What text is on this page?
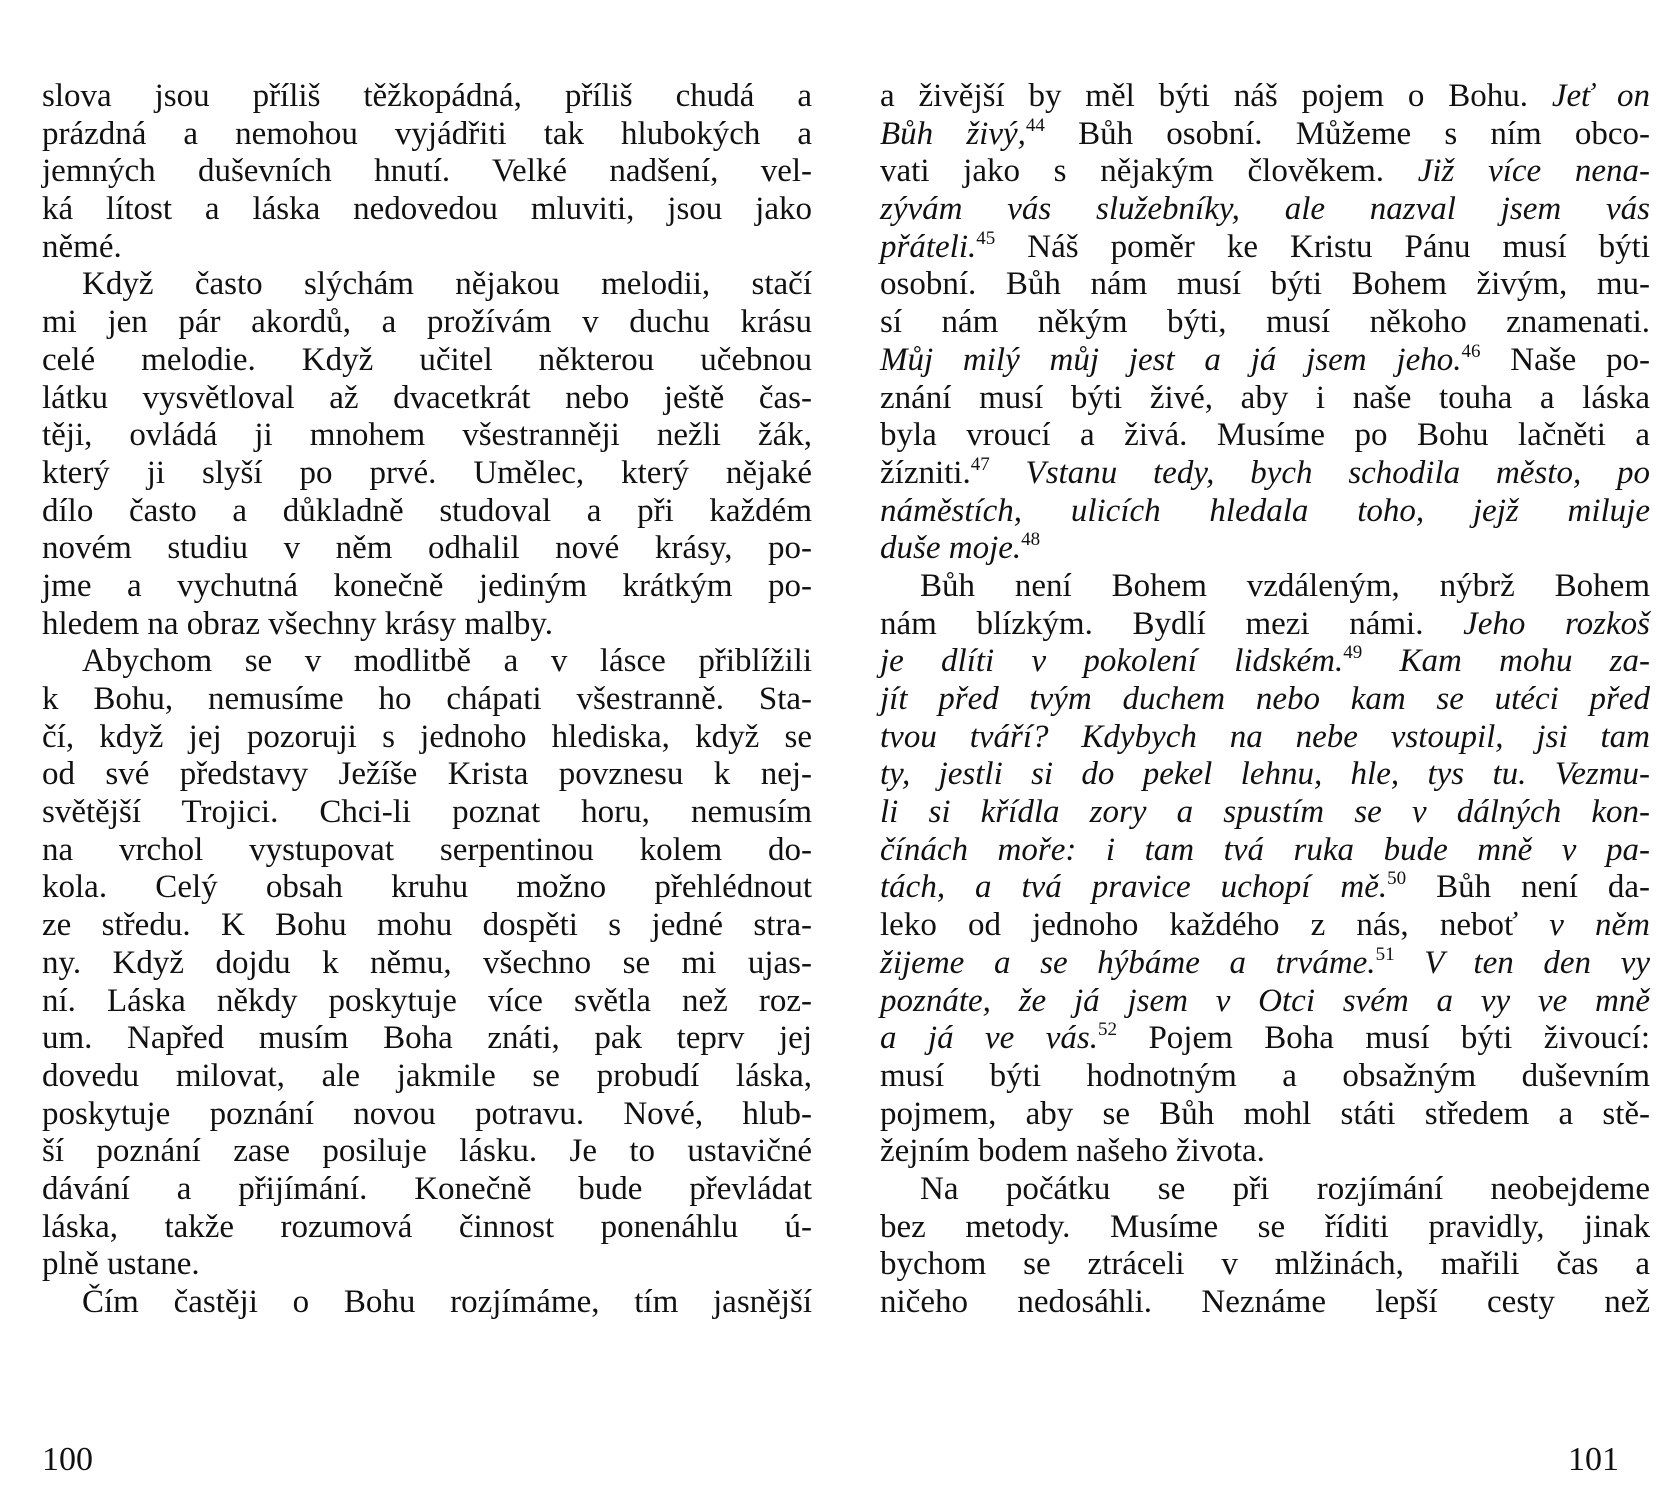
slova jsou příliš těžkopádná, příliš chudá a
prázdná a nemohou vyjádřiti tak hlubokých a
jemných duševních hnutí. Velké nadšení, vel-
ká lítost a láska nedovedou mluviti, jsou jako
němé.
Když často slýchám nějakou melodii, stačí
mi jen pár akordů, a prožívám v duchu krásu
celé melodie. Když učitel některou učebnou
látku vysvětloval až dvacetkrát nebo ještě čas-
těji, ovládá ji mnohem všestranněji nežli žák,
který ji slyší po prvé. Umělec, který nějaké
dílo často a důkladně studoval a při každém
novém studiu v něm odhalil nové krásy, po-
jme a vychutná konečně jediným krátkým po-
hledem na obraz všechny krásy malby.
Abychom se v modlitbě a v lásce přiblížili
k Bohu, nemusíme ho chápati všestranně. Sta-
čí, když jej pozoruji s jednoho hlediska, když se
od své představy Ježíše Krista povznesu k nej-
světější Trojici. Chci-li poznat horu, nemusím
na vrchol vystupovat serpentinou kolem do-
kola. Celý obsah kruhu možno přehlédnout
ze středu. K Bohu mohu dospěti s jedné stra-
ny. Když dojdu k němu, všechno se mi ujas-
ní. Láska někdy poskytuje více světla než roz-
um. Napřed musím Boha znáti, pak teprv jej
dovedu milovat, ale jakmile se probudí láska,
poskytuje poznání novou potravu. Nové, hlub-
ší poznání zase posiluje lásku. Je to ustavičné
dávání a přijímání. Konečně bude převládat
láska, takže rozumová činnost ponenáhlu ú-
plně ustane.
Čím častěji o Bohu rozjímáme, tím jasnější
a živější by měl býti náš pojem o Bohu. Jeť on
Bůh živý,$^{44}$ Bůh osobní. Můžeme s ním obco-
vati jako s nějakým člověkem. Již více nena-
zývám vás služebníky, ale nazval jsem vás
přáteli.$^{45}$ Náš poměr ke Kristu Pánu musí býti
osobní. Bůh nám musí býti Bohem živým, mu-
sí nám někým býti, musí někoho znamenati.
Můj milý můj jest a já jsem jeho.$^{46}$ Naše po-
znání musí býti živé, aby i naše touha a láska
byla vroucí a živá. Musíme po Bohu lačněti a
žízniti.$^{47}$ Vstanu tedy, bych schodila město, po
náměstích, ulicích hledala toho, jejž miluje
duše moje.$^{48}$
Bůh není Bohem vzdáleným, nýbrž Bohem
nám blízkým. Bydlí mezi námi. Jeho rozkoš
je dlíti v pokolení lidském.$^{49}$ Kam mohu za-
jít před tvým duchem nebo kam se utéci před
tvou tváří? Kdybych na nebe vstoupil, jsi tam
ty, jestli si do pekel lehnu, hle, tys tu. Vezmu-
li si křídla zory a spustím se v dálných kon-
čínách moře: i tam tvá ruka bude mně v pa-
tách, a tvá pravice uchopí mě.$^{50}$ Bůh není da-
leko od jednoho každého z nás, neboť v něm
žijeme a se hýbáme a trváme.$^{51}$ V ten den vy
poznáte, že já jsem v Otci svém a vy ve mně
a já ve vás.$^{52}$ Pojem Boha musí býti živoucí:
musí býti hodnotným a obsažným duševním
pojmem, aby se Bůh mohl státi středem a stě-
žejním bodem našeho života.
Na počátku se při rozjímání neobejdeme
bez metody. Musíme se říditi pravidly, jinak
bychom se ztráceli v mlžinách, mařili čas a
ničeho nedosáhli. Neznáme lepší cesty než
100	101
